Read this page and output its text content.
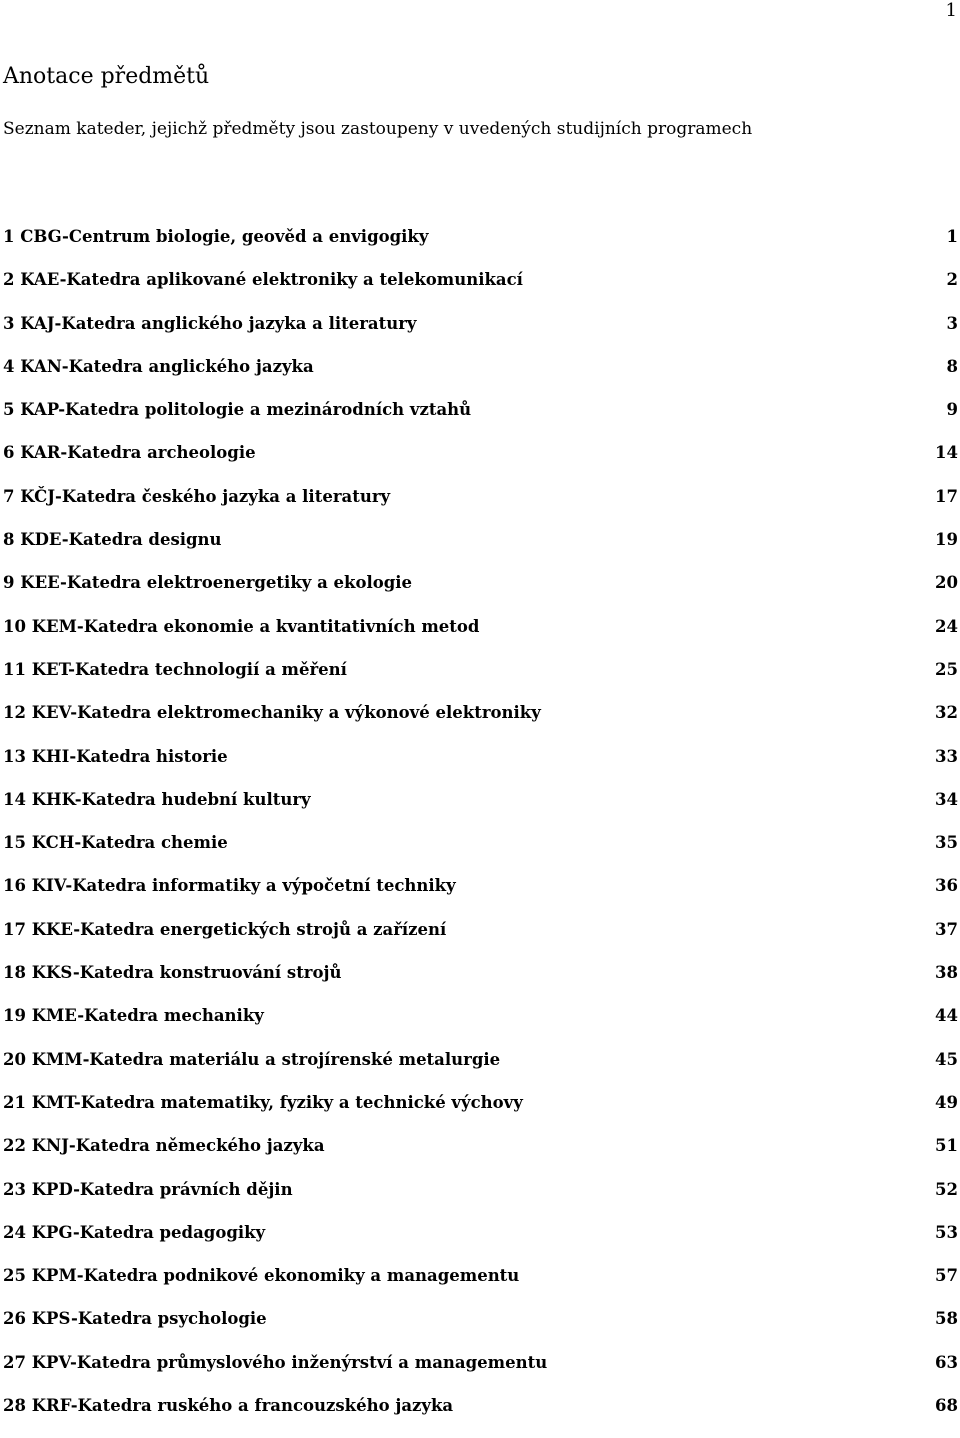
1
Anotace předmětů

Seznam kateder, jejichž předměty jsou zastoupeny v uvedených studijních programech

1 CBG-Centrum biologie, geověd a envigogiky	1
2 KAE-Katedra aplikované elektroniky a telekomunikací	2
3 KAJ-Katedra anglického jazyka a literatury	3
4 KAN-Katedra anglického jazyka	8
5 KAP-Katedra politologie a mezinárodních vztahů	9
6 KAR-Katedra archeologie	14
7 KČJ-Katedra českého jazyka a literatury	17
8 KDE-Katedra designu	19
9 KEE-Katedra elektroenergetiky a ekologie	20
10 KEM-Katedra ekonomie a kvantitativních metod	24
11 KET-Katedra technologií a měření	25
12 KEV-Katedra elektromechaniky a výkonové elektroniky	32
13 KHI-Katedra historie	33
14 KHK-Katedra hudební kultury	34
15 KCH-Katedra chemie	35
16 KIV-Katedra informatiky a výpočetní techniky	36
17 KKE-Katedra energetických strojů a zařízení	37
18 KKS-Katedra konstruování strojů	38
19 KME-Katedra mechaniky	44
20 KMM-Katedra materiálu a strojírenské metalurgie	45
21 KMT-Katedra matematiky, fyziky a technické výchovy	49
22 KNJ-Katedra německého jazyka	51
23 KPD-Katedra právních dějin	52
24 KPG-Katedra pedagogiky	53
25 KPM-Katedra podnikové ekonomiky a managementu	57
26 KPS-Katedra psychologie	58
27 KPV-Katedra průmyslového inženýrství a managementu	63
28 KRF-Katedra ruského a francouzského jazyka	68
